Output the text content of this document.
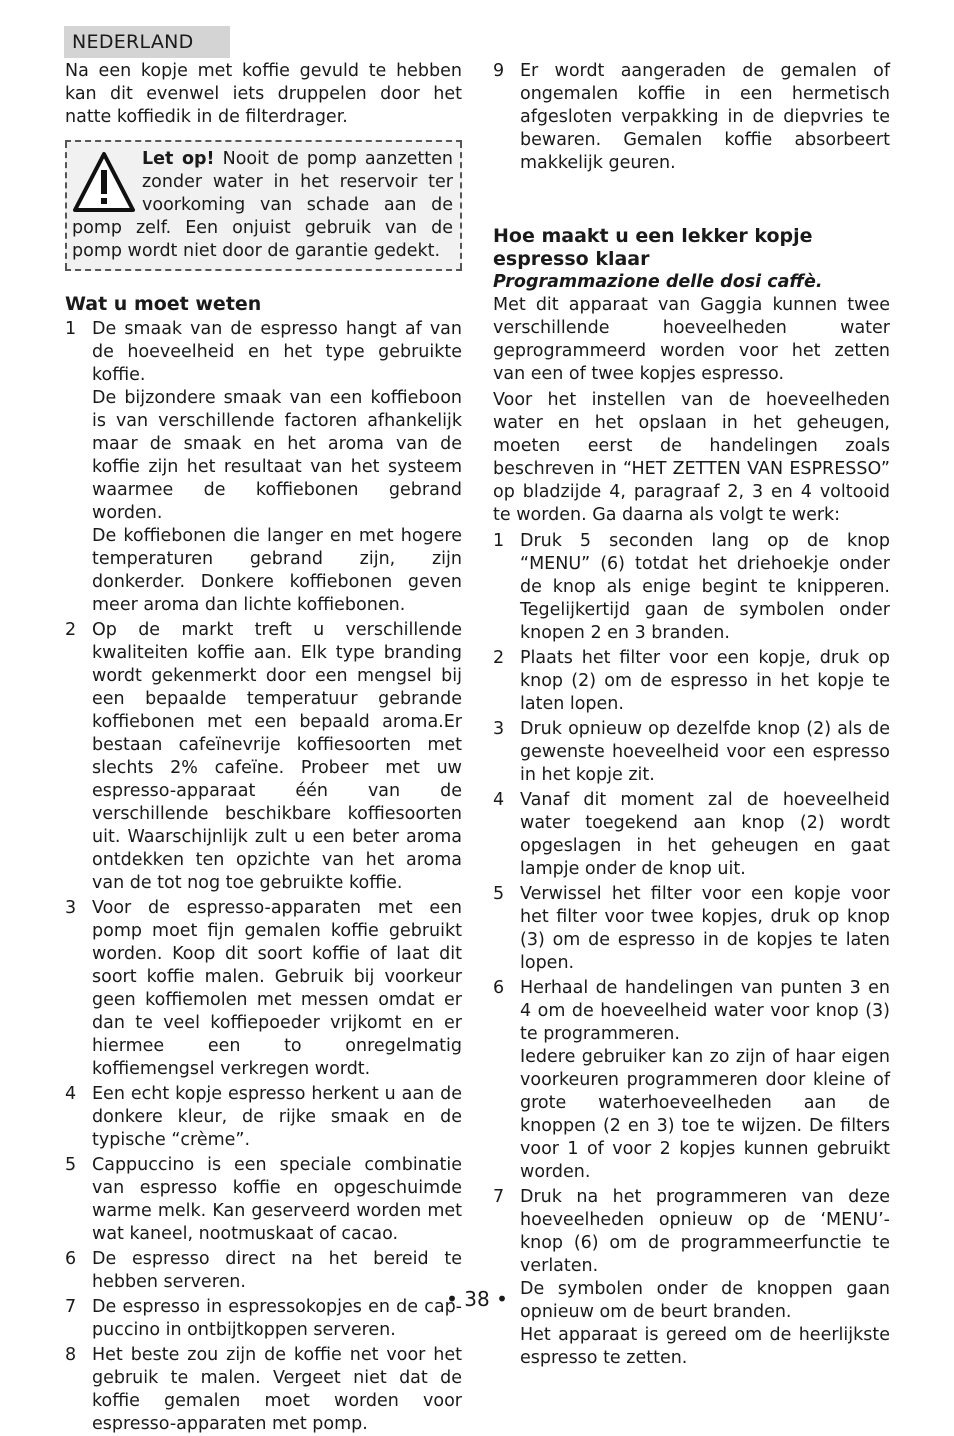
NEDERLAND

Na een kopje met koffie gevuld te hebben kan dit evenwel iets druppelen door het natte koffiedik in de filterdrager.

Let op! Nooit de pomp aanzetten zonder water in het reservoir ter voorkoming van schade aan de pomp zelf. Een onjuist gebruik van de pomp wordt niet door de garantie gedekt.

Wat u moet weten
1 De smaak van de espresso hangt af van de hoeveelheid en het type gebruikte koffie.
De bijzondere smaak van een koffieboon is van verschillende factoren afhankelijk maar de smaak en het aroma van de koffie zijn het resultaat van het systeem waarmee de koffiebonen gebrand worden.
De koffiebonen die langer en met hogere temperaturen gebrand zijn, zijn donkerder. Donkere koffiebonen geven meer aroma dan lichte koffiebonen.
2 Op de markt treft u verschillende kwaliteiten koffie aan. Elk type branding wordt gekenmerkt door een mengsel bij een bepaalde temperatuur gebrande koffiebonen met een bepaald aroma.Er bestaan cafeïnevrije koffiesoorten met slechts 2% cafeïne. Probeer met uw espresso-apparaat één van de verschillende beschikbare koffiesoorten uit. Waarschijnlijk zult u een beter aroma ontdekken ten opzichte van het aroma van de tot nog toe gebruikte koffie.
3 Voor de espresso-apparaten met een pomp moet fijn gemalen koffie gebruikt worden. Koop dit soort koffie of laat dit soort koffie malen. Gebruik bij voorkeur geen koffiemolen met messen omdat er dan te veel koffiepoeder vrijkomt en er hiermee een to onregelmatig koffiemengsel verkregen wordt.
4 Een echt kopje espresso herkent u aan de donkere kleur, de rijke smaak en de typische “crème”.
5 Cappuccino is een speciale combinatie van espresso koffie en opgeschuimde warme melk. Kan geserveerd worden met wat kaneel, nootmuskaat of cacao.
6 De espresso direct na het bereid te hebben serveren.
7 De espresso in espressokopjes en de cap-puccino in ontbijtkoppen serveren.
8 Het beste zou zijn de koffie net voor het gebruik te malen. Vergeet niet dat de koffie gemalen moet worden voor espresso-apparaten met pomp.
9 Er wordt aangeraden de gemalen of ongemalen koffie in een hermetisch afgesloten verpakking in de diepvries te bewaren. Gemalen koffie absorbeert makkelijk geuren.
Hoe maakt u een lekker kopje espresso klaar
Programmazione delle dosi caffè.

Met dit apparaat van Gaggia kunnen twee verschillende hoeveelheden water geprogrammeerd worden voor het zetten van een of twee kopjes espresso.

Voor het instellen van de hoeveelheden water en het opslaan in het geheugen, moeten eerst de handelingen zoals beschreven in “HET ZETTEN VAN ESPRESSO” op bladzijde 4, paragraaf 2, 3 en 4 voltooid te worden. Ga daarna als volgt te werk:

1 Druk 5 seconden lang op de knop “MENU” (6) totdat het driehoekje onder de knop als enige begint te knipperen. Tegelijkertijd gaan de symbolen onder knopen 2 en 3 branden.
2 Plaats het filter voor een kopje, druk op knop (2) om de espresso in het kopje te laten lopen.
3 Druk opnieuw op dezelfde knop (2) als de gewenste hoeveelheid voor een espresso in het kopje zit.
4 Vanaf dit moment zal de hoeveelheid water toegekend aan knop (2) wordt opgeslagen in het geheugen en gaat lampje onder de knop uit.
5 Verwissel het filter voor een kopje voor het filter voor twee kopjes, druk op knop (3) om de espresso in de kopjes te laten lopen.
6 Herhaal de handelingen van punten 3 en 4 om de hoeveelheid water voor knop (3) te programmeren.
Iedere gebruiker kan zo zijn of haar eigen voorkeuren programmeren door kleine of grote waterhoeveelheden aan de knoppen (2 en 3) toe te wijzen. De filters voor 1 of voor 2 kopjes kunnen gebruikt worden.
7 Druk na het programmeren van deze hoeveelheden opnieuw op de ‘MENU’-knop (6) om de programmeerfunctie te verlaten.
De symbolen onder de knoppen gaan opnieuw om de beurt branden.
Het apparaat is gereed om de heerlijkste espresso te zetten.
• 38 •
